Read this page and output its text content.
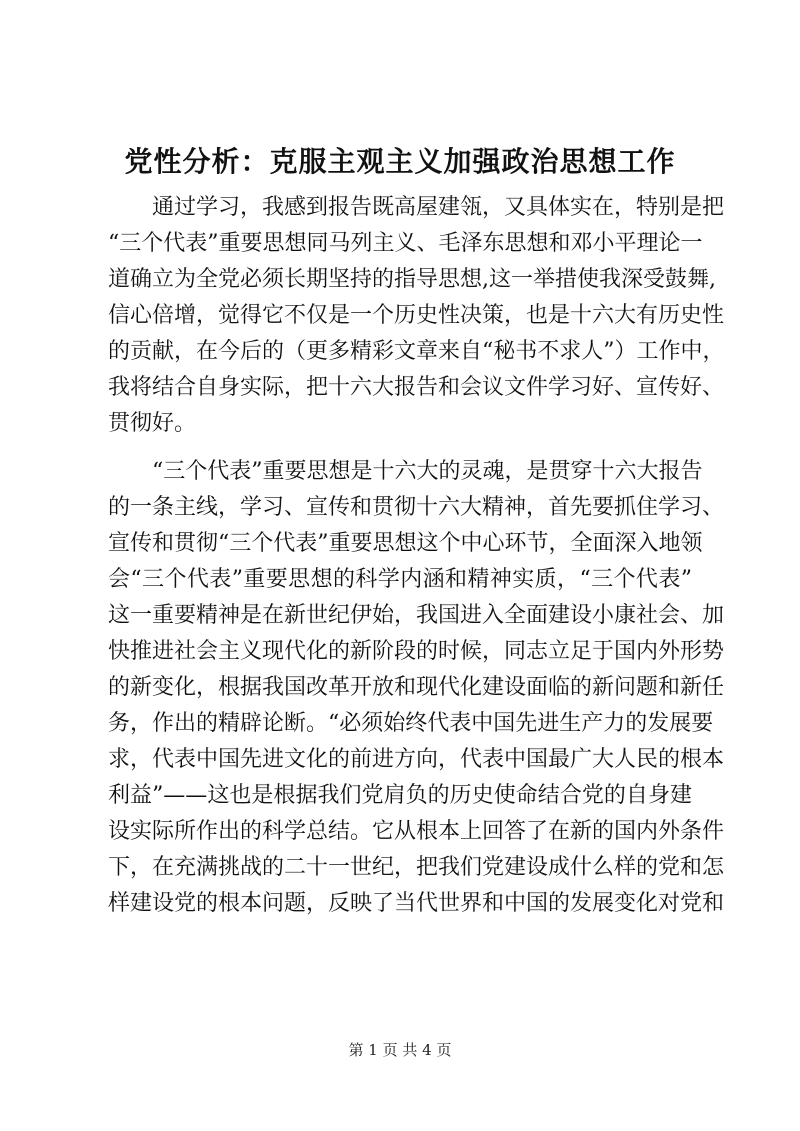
党性分析：克服主观主义加强政治思想工作
通过学习，我感到报告既高屋建瓴，又具体实在，特别是把
“三个代表”重要思想同马列主义、毛泽东思想和邓小平理论一
道确立为全党必须长期坚持的指导思想,这一举措使我深受鼓舞,
信心倍增，觉得它不仅是一个历史性决策，也是十六大有历史性
的贡献，在今后的（更多精彩文章来自“秘书不求人”）工作中，
我将结合自身实际，把十六大报告和会议文件学习好、宣传好、
贯彻好。
“三个代表”重要思想是十六大的灵魂，是贯穿十六大报告
的一条主线，学习、宣传和贯彻十六大精神，首先要抓住学习、
宣传和贯彻“三个代表”重要思想这个中心环节，全面深入地领
会“三个代表”重要思想的科学内涵和精神实质，“三个代表”
这一重要精神是在新世纪伊始，我国进入全面建设小康社会、加
快推进社会主义现代化的新阶段的时候，同志立足于国内外形势
的新变化，根据我国改革开放和现代化建设面临的新问题和新任
务，作出的精辟论断。“必须始终代表中国先进生产力的发展要
求，代表中国先进文化的前进方向，代表中国最广大人民的根本
利益”——这也是根据我们党肩负的历史使命结合党的自身建
设实际所作出的科学总结。它从根本上回答了在新的国内外条件
下，在充满挑战的二十一世纪，把我们党建设成什么样的党和怎
样建设党的根本问题，反映了当代世界和中国的发展变化对党和
第 1 页 共 4 页
